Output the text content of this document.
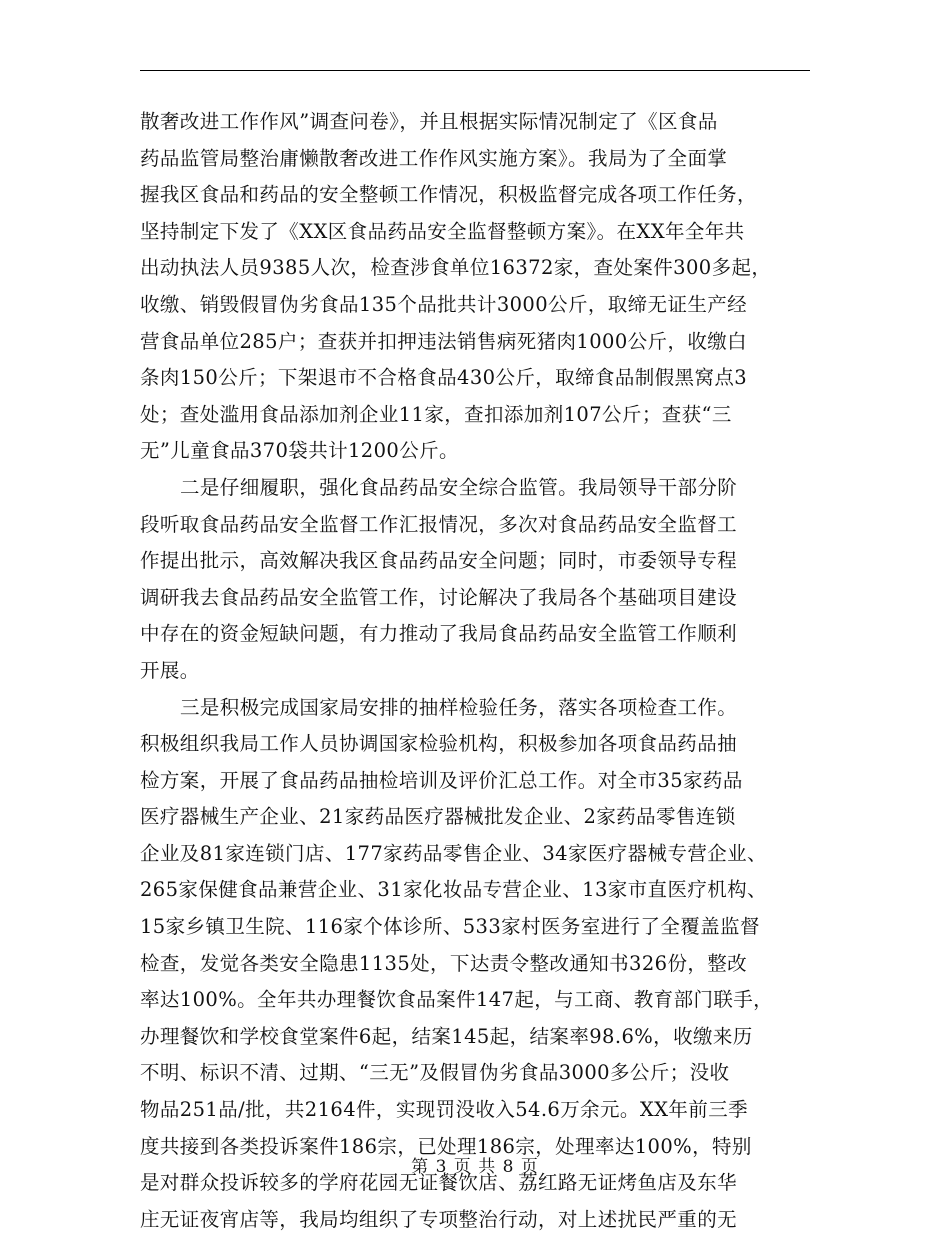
散奢改进工作作风”调查问卷》，并且根据实际情况制定了《区食品
药品监管局整治庸懒散奢改进工作作风实施方案》。我局为了全面掌
握我区食品和药品的安全整顿工作情况，积极监督完成各项工作任务，
坚持制定下发了《XX区食品药品安全监督整顿方案》。在XX年全年共
出动执法人员9385人次，检查涉食单位16372家，查处案件300多起，
收缴、销毁假冒伪劣食品135个品批共计3000公斤，取缔无证生产经
营食品单位285户；查获并扣押违法销售病死猪肉1000公斤，收缴白
条肉150公斤；下架退市不合格食品430公斤，取缔食品制假黑窝点3
处；查处滥用食品添加剂企业11家，查扣添加剂107公斤；查获“三
无”儿童食品370袋共计1200公斤。
二是仔细履职，强化食品药品安全综合监管。我局领导干部分阶
段听取食品药品安全监督工作汇报情况，多次对食品药品安全监督工
作提出批示，高效解决我区食品药品安全问题；同时，市委领导专程
调研我去食品药品安全监管工作，讨论解决了我局各个基础项目建设
中存在的资金短缺问题，有力推动了我局食品药品安全监管工作顺利
开展。
三是积极完成国家局安排的抽样检验任务，落实各项检查工作。
积极组织我局工作人员协调国家检验机构，积极参加各项食品药品抽
检方案，开展了食品药品抽检培训及评价汇总工作。对全市35家药品
医疗器械生产企业、21家药品医疗器械批发企业、2家药品零售连锁
企业及81家连锁门店、177家药品零售企业、34家医疗器械专营企业、
265家保健食品兼营企业、31家化妆品专营企业、13家市直医疗机构、
15家乡镇卫生院、116家个体诊所、533家村医务室进行了全覆盖监督
检查，发觉各类安全隐患1135处，下达责令整改通知书326份，整改
率达100%。全年共办理餐饮食品案件147起，与工商、教育部门联手，
办理餐饮和学校食堂案件6起，结案145起，结案率98.6%，收缴来历
不明、标识不清、过期、“三无”及假冒伪劣食品3000多公斤；没收
物品251品/批，共2164件，实现罚没收入54.6万余元。XX年前三季
度共接到各类投诉案件186宗，已处理186宗，处理率达100%，特别
是对群众投诉较多的学府花园无证餐饮店、荔红路无证烤鱼店及东华
庄无证夜宵店等，我局均组织了专项整治行动，对上述扰民严重的无
第 3 页 共 8 页
